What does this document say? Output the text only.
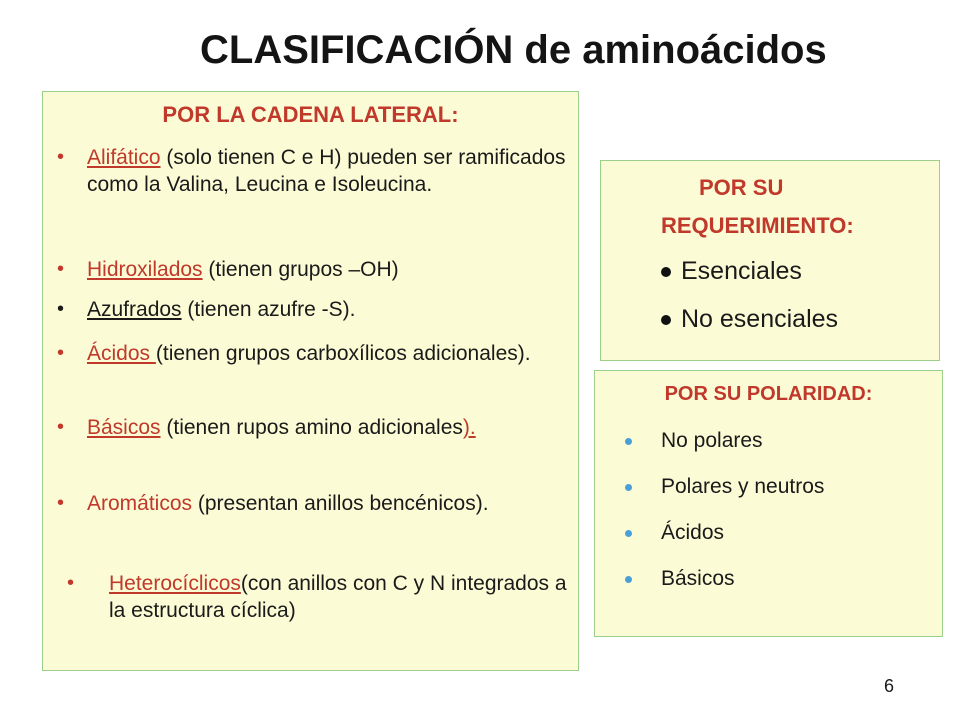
CLASIFICACIÓN de aminoácidos
POR LA CADENA LATERAL:
• Alifático (solo tienen C e H) pueden ser ramificados como la Valina, Leucina e Isoleucina.
• Hidroxilados (tienen grupos –OH)
• Azufrados (tienen azufre -S).
• Ácidos (tienen grupos carboxílicos adicionales).
• Básicos (tienen rupos amino adicionales).
• Aromáticos (presentan anillos bencénicos).
• Heterocíclicos(con anillos con C y N integrados a la estructura cíclica)
POR SU
REQUERIMIENTO:
Esenciales
No esenciales
POR SU POLARIDAD:
No polares
Polares y neutros
Ácidos
Básicos
6
